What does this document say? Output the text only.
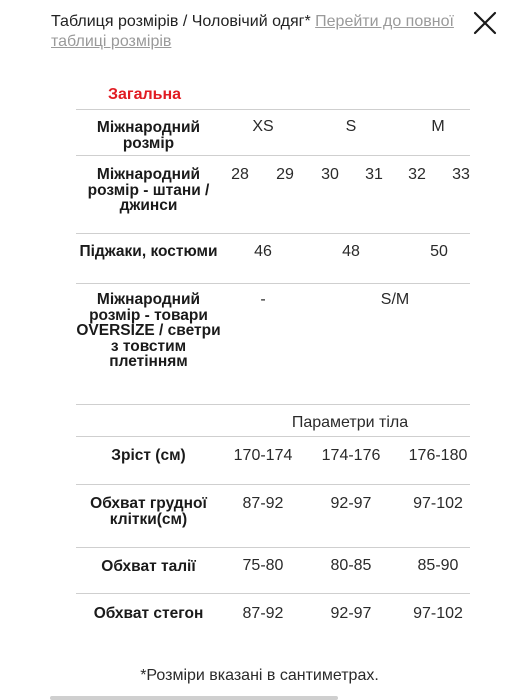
Таблиця розмірів / Чоловічий одяг* Перейти до повної таблиці розмірів
Загальна
Міжнародний розмір
XS	S	M
Міжнародний розмір - штани / джинси
28	29	30	31	32	33
Піджаки, костюми	46	48	50
Міжнародний розмір - товари OVERSIZE / светри з товстим плетінням
-	S/M
Параметри тіла
Зріст (см)	170-174	174-176	176-180
Обхват грудної клітки(см)
87-92	92-97	97-102
Обхват талії	75-80	80-85	85-90
Обхват стегон	87-92	92-97	97-102
*Розміри вказані в сантиметрах.
